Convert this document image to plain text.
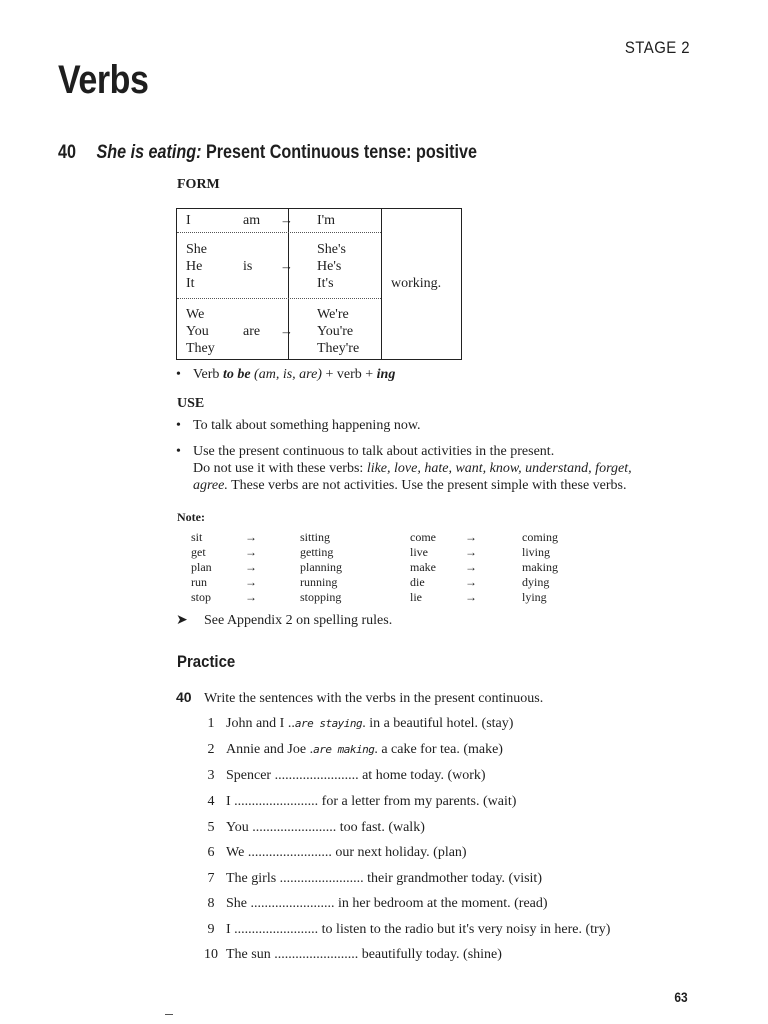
STAGE 2
Verbs
40 She is eating: Present Continuous tense: positive
FORM
I	am → I'm
She
He
It
is →
She's
He's
It's	working.
We
You
They
are →
We're
You're
They're
• Verb to be (am, is, are) + verb + ing
USE
• To talk about something happening now.
• Use the present continuous to talk about activities in the present.
Do not use it with these verbs: like, love, hate, want, know, understand, forget,
agree. These verbs are not activities. Use the present simple with these verbs.
Note:
sit
get
plan
run
stop
→
→
→
→
→
sitting
getting
planning
running
stopping
come
live
make
die
lie
→
→
→
→
→
coming
living
making
dying
lying
➤ See Appendix 2 on spelling rules.
Practice
40 Write the sentences with the verbs in the present continuous.
1 John and I ..are staying. in a beautiful hotel. (stay)
2 Annie and Joe .are making. a cake for tea. (make)
3 Spencer ........................ at home today. (work)
4 I ........................ for a letter from my parents. (wait)
5 You ........................ too fast. (walk)
6 We ........................ our next holiday. (plan)
7 The girls ........................ their grandmother today. (visit)
8 She ........................ in her bedroom at the moment. (read)
9 I ........................ to listen to the radio but it's very noisy in here. (try)
10 The sun ........................ beautifully today. (shine)
63
